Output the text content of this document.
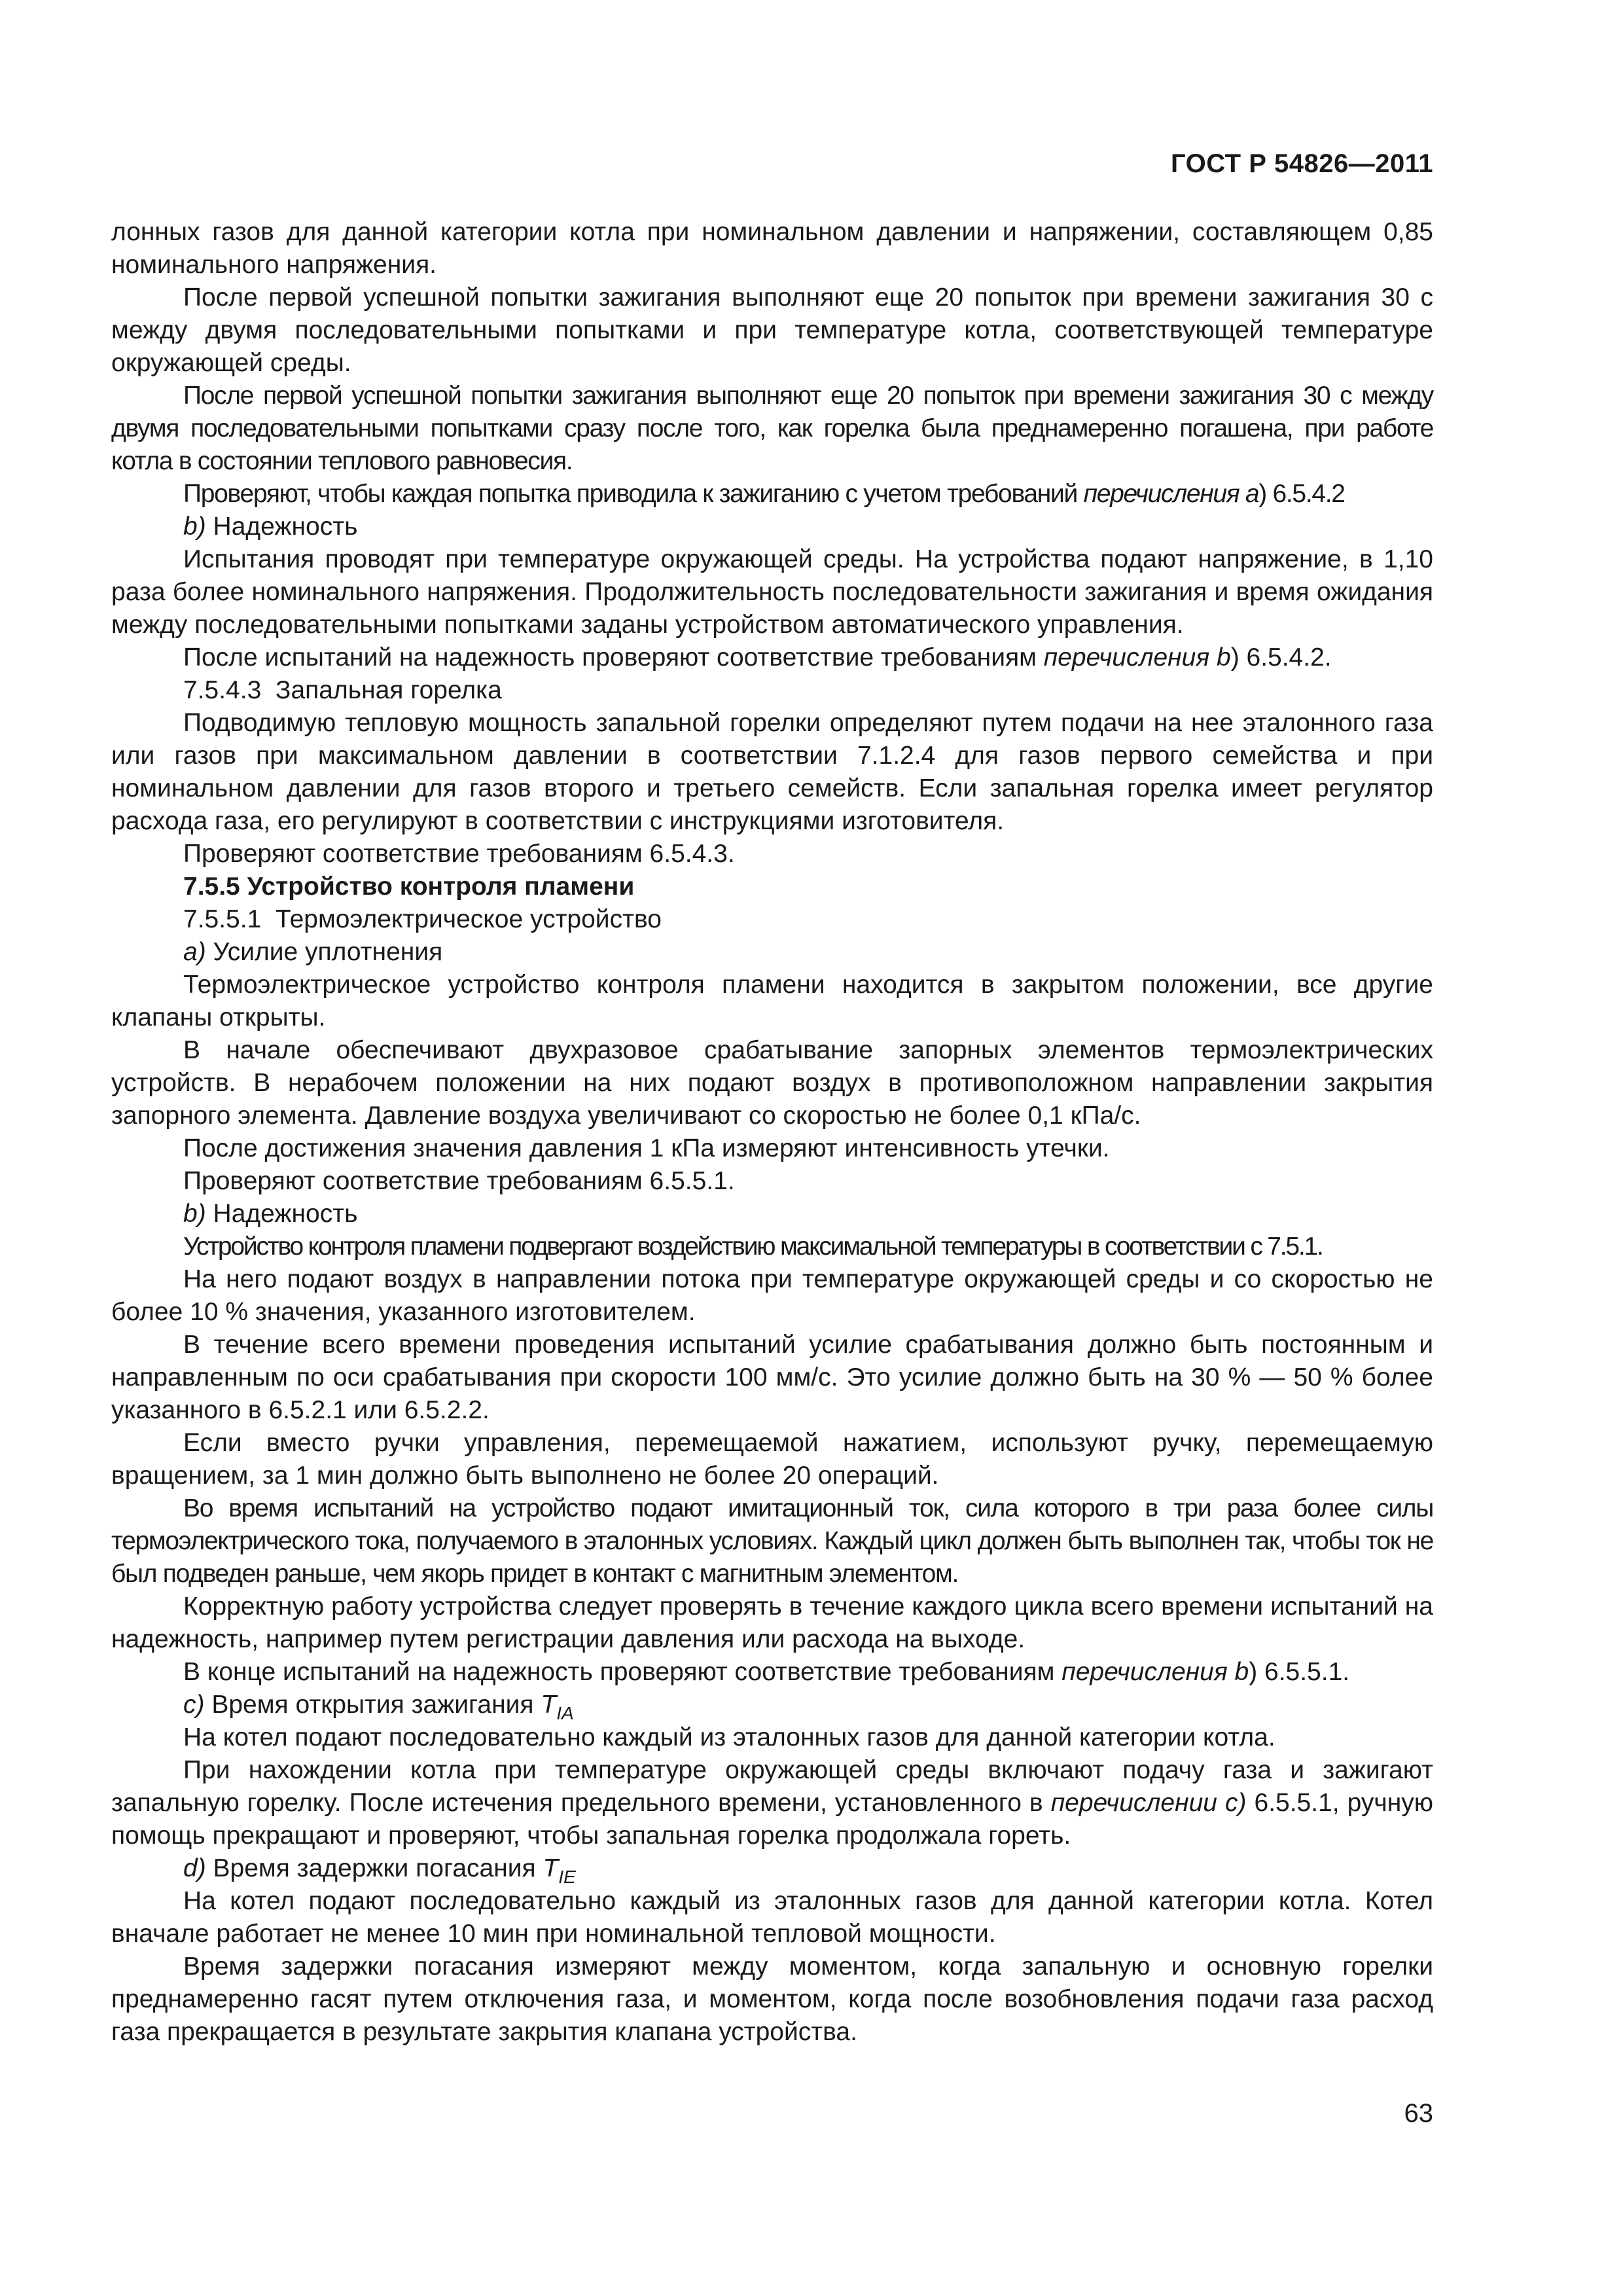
ГОСТ Р 54826—2011

лонных газов для данной категории котла при номинальном давлении и напряжении, составляющем 0,85 номинального напряжения.

После первой успешной попытки зажигания выполняют еще 20 попыток при времени зажигания 30 с между двумя последовательными попытками и при температуре котла, соответствующей температуре окружающей среды.

После первой успешной попытки зажигания выполняют еще 20 попыток при времени зажигания 30 с между двумя последовательными попытками сразу после того, как горелка была преднамеренно погашена, при работе котла в состоянии теплового равновесия.

Проверяют, чтобы каждая попытка приводила к зажиганию с учетом требований перечисления а) 6.5.4.2

b) Надежность

Испытания проводят при температуре окружающей среды. На устройства подают напряжение, в 1,10 раза более номинального напряжения. Продолжительность последовательности зажигания и время ожидания между последовательными попытками заданы устройством автоматического управления.

После испытаний на надежность проверяют соответствие требованиям перечисления b) 6.5.4.2.

7.5.4.3  Запальная горелка

Подводимую тепловую мощность запальной горелки определяют путем подачи на нее эталонного газа или газов при максимальном давлении в соответствии 7.1.2.4 для газов первого семейства и при номинальном давлении для газов второго и третьего семейств. Если запальная горелка имеет регулятор расхода газа, его регулируют в соответствии с инструкциями изготовителя.

Проверяют соответствие требованиям 6.5.4.3.

7.5.5 Устройство контроля пламени

7.5.5.1  Термоэлектрическое устройство

а) Усилие уплотнения

Термоэлектрическое устройство контроля пламени находится в закрытом положении, все другие клапаны открыты.

В начале обеспечивают двухразовое срабатывание запорных элементов термоэлектрических устройств. В нерабочем положении на них подают воздух в противоположном направлении закрытия запорного элемента. Давление воздуха увеличивают со скоростью не более 0,1 кПа/с.

После достижения значения давления 1 кПа измеряют интенсивность утечки.

Проверяют соответствие требованиям 6.5.5.1.

b) Надежность

Устройство контроля пламени подвергают воздействию максимальной температуры в соответствии с 7.5.1.

На него подают воздух в направлении потока при температуре окружающей среды и со скоростью не более 10 % значения, указанного изготовителем.

В течение всего времени проведения испытаний усилие срабатывания должно быть постоянным и направленным по оси срабатывания при скорости 100 мм/с. Это усилие должно быть на 30 % — 50 % более указанного в 6.5.2.1 или 6.5.2.2.

Если вместо ручки управления, перемещаемой нажатием, используют ручку, перемещаемую вращением, за 1 мин должно быть выполнено не более 20 операций.

Во время испытаний на устройство подают имитационный ток, сила которого в три раза более силы термоэлектрического тока, получаемого в эталонных условиях. Каждый цикл должен быть выполнен так, чтобы ток не был подведен раньше, чем якорь придет в контакт с магнитным элементом.

Корректную работу устройства следует проверять в течение каждого цикла всего времени испытаний на надежность, например путем регистрации давления или расхода на выходе.

В конце испытаний на надежность проверяют соответствие требованиям перечисления b) 6.5.5.1.

c) Время открытия зажигания $T_{IA}$

На котел подают последовательно каждый из эталонных газов для данной категории котла.

При нахождении котла при температуре окружающей среды включают подачу газа и зажигают запальную горелку. После истечения предельного времени, установленного в перечислении с) 6.5.5.1, ручную помощь прекращают и проверяют, чтобы запальная горелка продолжала гореть.

d) Время задержки погасания $T_{IE}$

На котел подают последовательно каждый из эталонных газов для данной категории котла. Котел вначале работает не менее 10 мин при номинальной тепловой мощности.

Время задержки погасания измеряют между моментом, когда запальную и основную горелки преднамеренно гасят путем отключения газа, и моментом, когда после возобновления подачи газа расход газа прекращается в результате закрытия клапана устройства.

63
